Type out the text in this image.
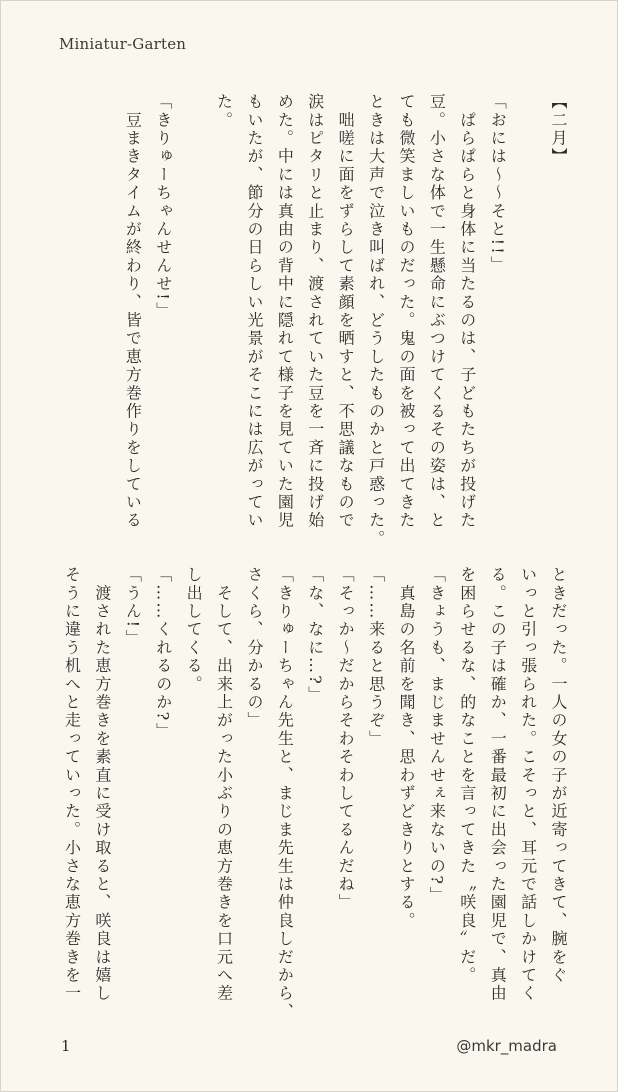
Miniatur-Garten
【二月】

「おには〜〜そと!!」
　ぱらぱらと身体に当たるのは、子どもたちが投げた
豆。小さな体で一生懸命にぶつけてくるその姿は、と
ても微笑ましいものだった。鬼の面を被って出てきた
ときは大声で泣き叫ばれ、どうしたものかと戸惑った。
　咄嗟に面をずらして素顔を晒すと、不思議なもので
涙はピタリと止まり、渡されていた豆を一斉に投げ始
めた。中には真由の背中に隠れて様子を見ていた園児
もいたが、節分の日らしい光景がそこには広がってい
た。

「きりゅーちゃんせんせ!」
　豆まきタイムが終わり、皆で恵方巻作りをしている
ときだった。一人の女の子が近寄ってきて、腕をぐ
いっと引っ張られた。こそっと、耳元で話しかけてく
る。この子は確か、一番最初に出会った園児で、真由
を困らせるな、的なことを言ってきた〝咲良〟だ。
「きょうも、まじませんせぇ来ないの?」
　真島の名前を聞き、思わずどきりとする。
「……来ると思うぞ」
「そっか〜だからそわそわしてるんだね」
「な、なに…?」
「きりゅーちゃん先生と、まじま先生は仲良しだから、
さくら、分かるの」
　そして、出来上がった小ぶりの恵方巻きを口元へ差
し出してくる。
「……くれるのか?」
「うん!」
　渡された恵方巻きを素直に受け取ると、咲良は嬉し
そうに違う机へと走っていった。小さな恵方巻きを一
1	@mkr_madra
